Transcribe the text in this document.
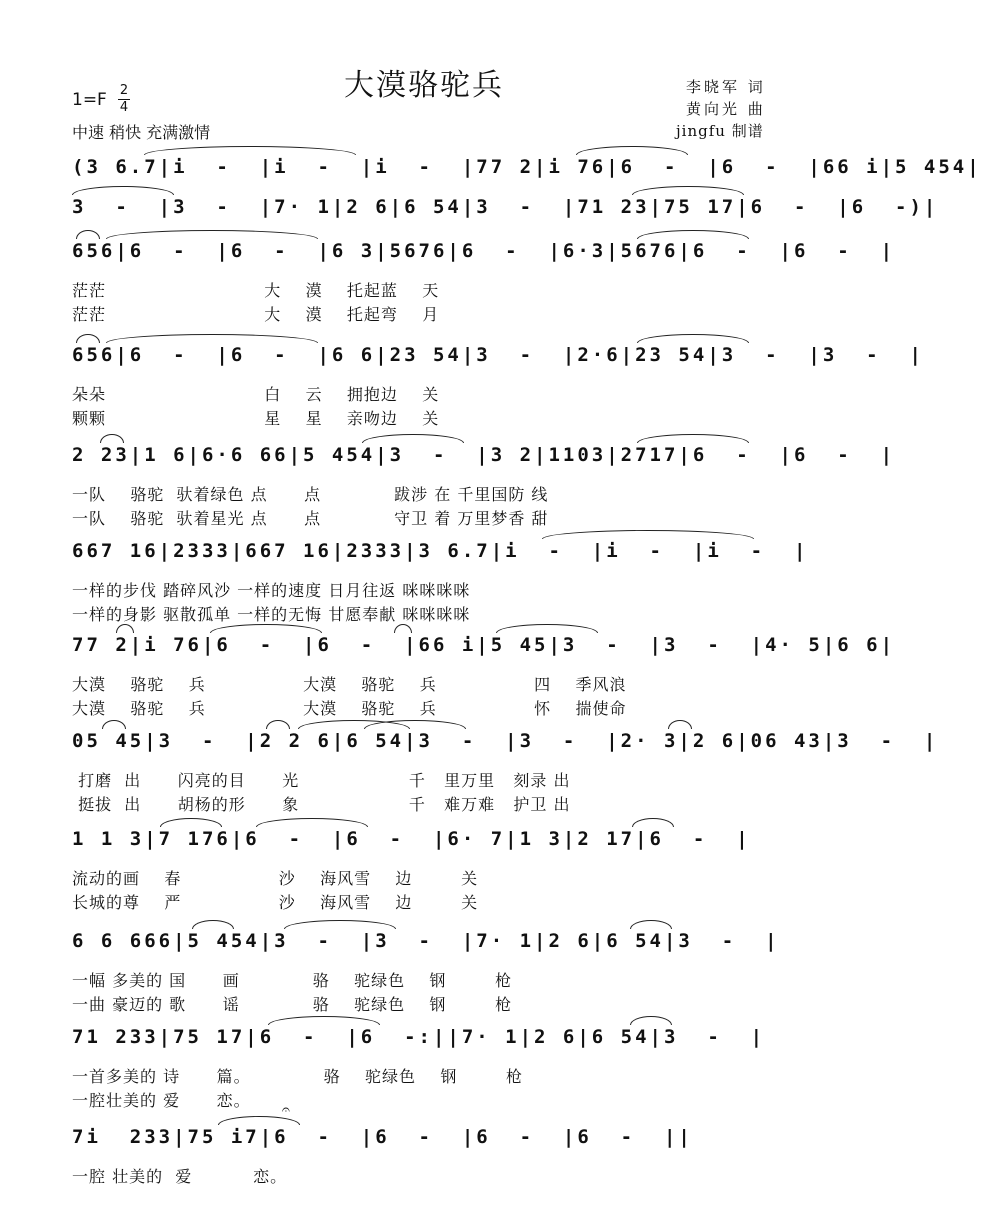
大漠骆驼兵	李晓军 词
黄向光 曲
jingfu 制谱
1=F 2
4
中速 稍快 充满激情
(3 6.7|i  -  |i  -  |i  -  |77 2|i 76|6  -  |6  -  |66 i|5 454|
3  -  |3  -  |7· 1|2 6|6 54|3  -  |71 23|75 17|6  -  |6  -)|
656|6  -  |6  -  |6 3|5676|6  -  |6·3|5676|6  -  |6  -  |
茫茫                          大    漠    托起蓝    天
茫茫                          大    漠    托起弯    月
656|6  -  |6  -  |6 6|23 54|3  -  |2·6|23 54|3  -  |3  -  |
朵朵                          白    云    拥抱边    关
颗颗                          星    星    亲吻边    关
2 23|1 6|6·6 66|5 454|3  -  |3 2|1103|2717|6  -  |6  -  |
一队    骆驼  驮着绿色 点      点            跋涉 在 千里国防 线
一队    骆驼  驮着星光 点      点            守卫 着 万里梦香 甜
667 16|2333|667 16|2333|3 6.7|i  -  |i  -  |i  -  |
一样的步伐 踏碎风沙 一样的速度 日月往返 咪咪咪咪
一样的身影 驱散孤单 一样的无悔 甘愿奉献 咪咪咪咪
77 2|i 76|6  -  |6  -  |66 i|5 45|3  -  |3  -  |4· 5|6 6|
大漠    骆驼    兵                大漠    骆驼    兵                四    季风浪
大漠    骆驼    兵                大漠    骆驼    兵                怀    揣使命
05 45|3  -  |2 2 6|6 54|3  -  |3  -  |2· 3|2 6|06 43|3  -  |
打磨  出      闪亮的目      光                  千   里万里   刻录 出
挺拔  出      胡杨的形      象                  千   难万难   护卫 出
1 1 3|7 176|6  -  |6  -  |6· 7|1 3|2 17|6  -  |
流动的画    春                沙    海风雪    边        关
长城的尊    严                沙    海风雪    边        关
6 6 666|5 454|3  -  |3  -  |7· 1|2 6|6 54|3  -  |
一幅 多美的 国      画            骆    驼绿色    钢        枪
一曲 豪迈的 歌      谣            骆    驼绿色    钢        枪
71 233|75 17|6  -  |6  -:||7· 1|2 6|6 54|3  -  |
一首多美的 诗      篇。            骆    驼绿色    钢        枪
一腔壮美的 爱      恋。	𝄐
7i  233|75 i7|6  -  |6  -  |6  -  |6  -  ||
一腔 壮美的  爱          恋。
